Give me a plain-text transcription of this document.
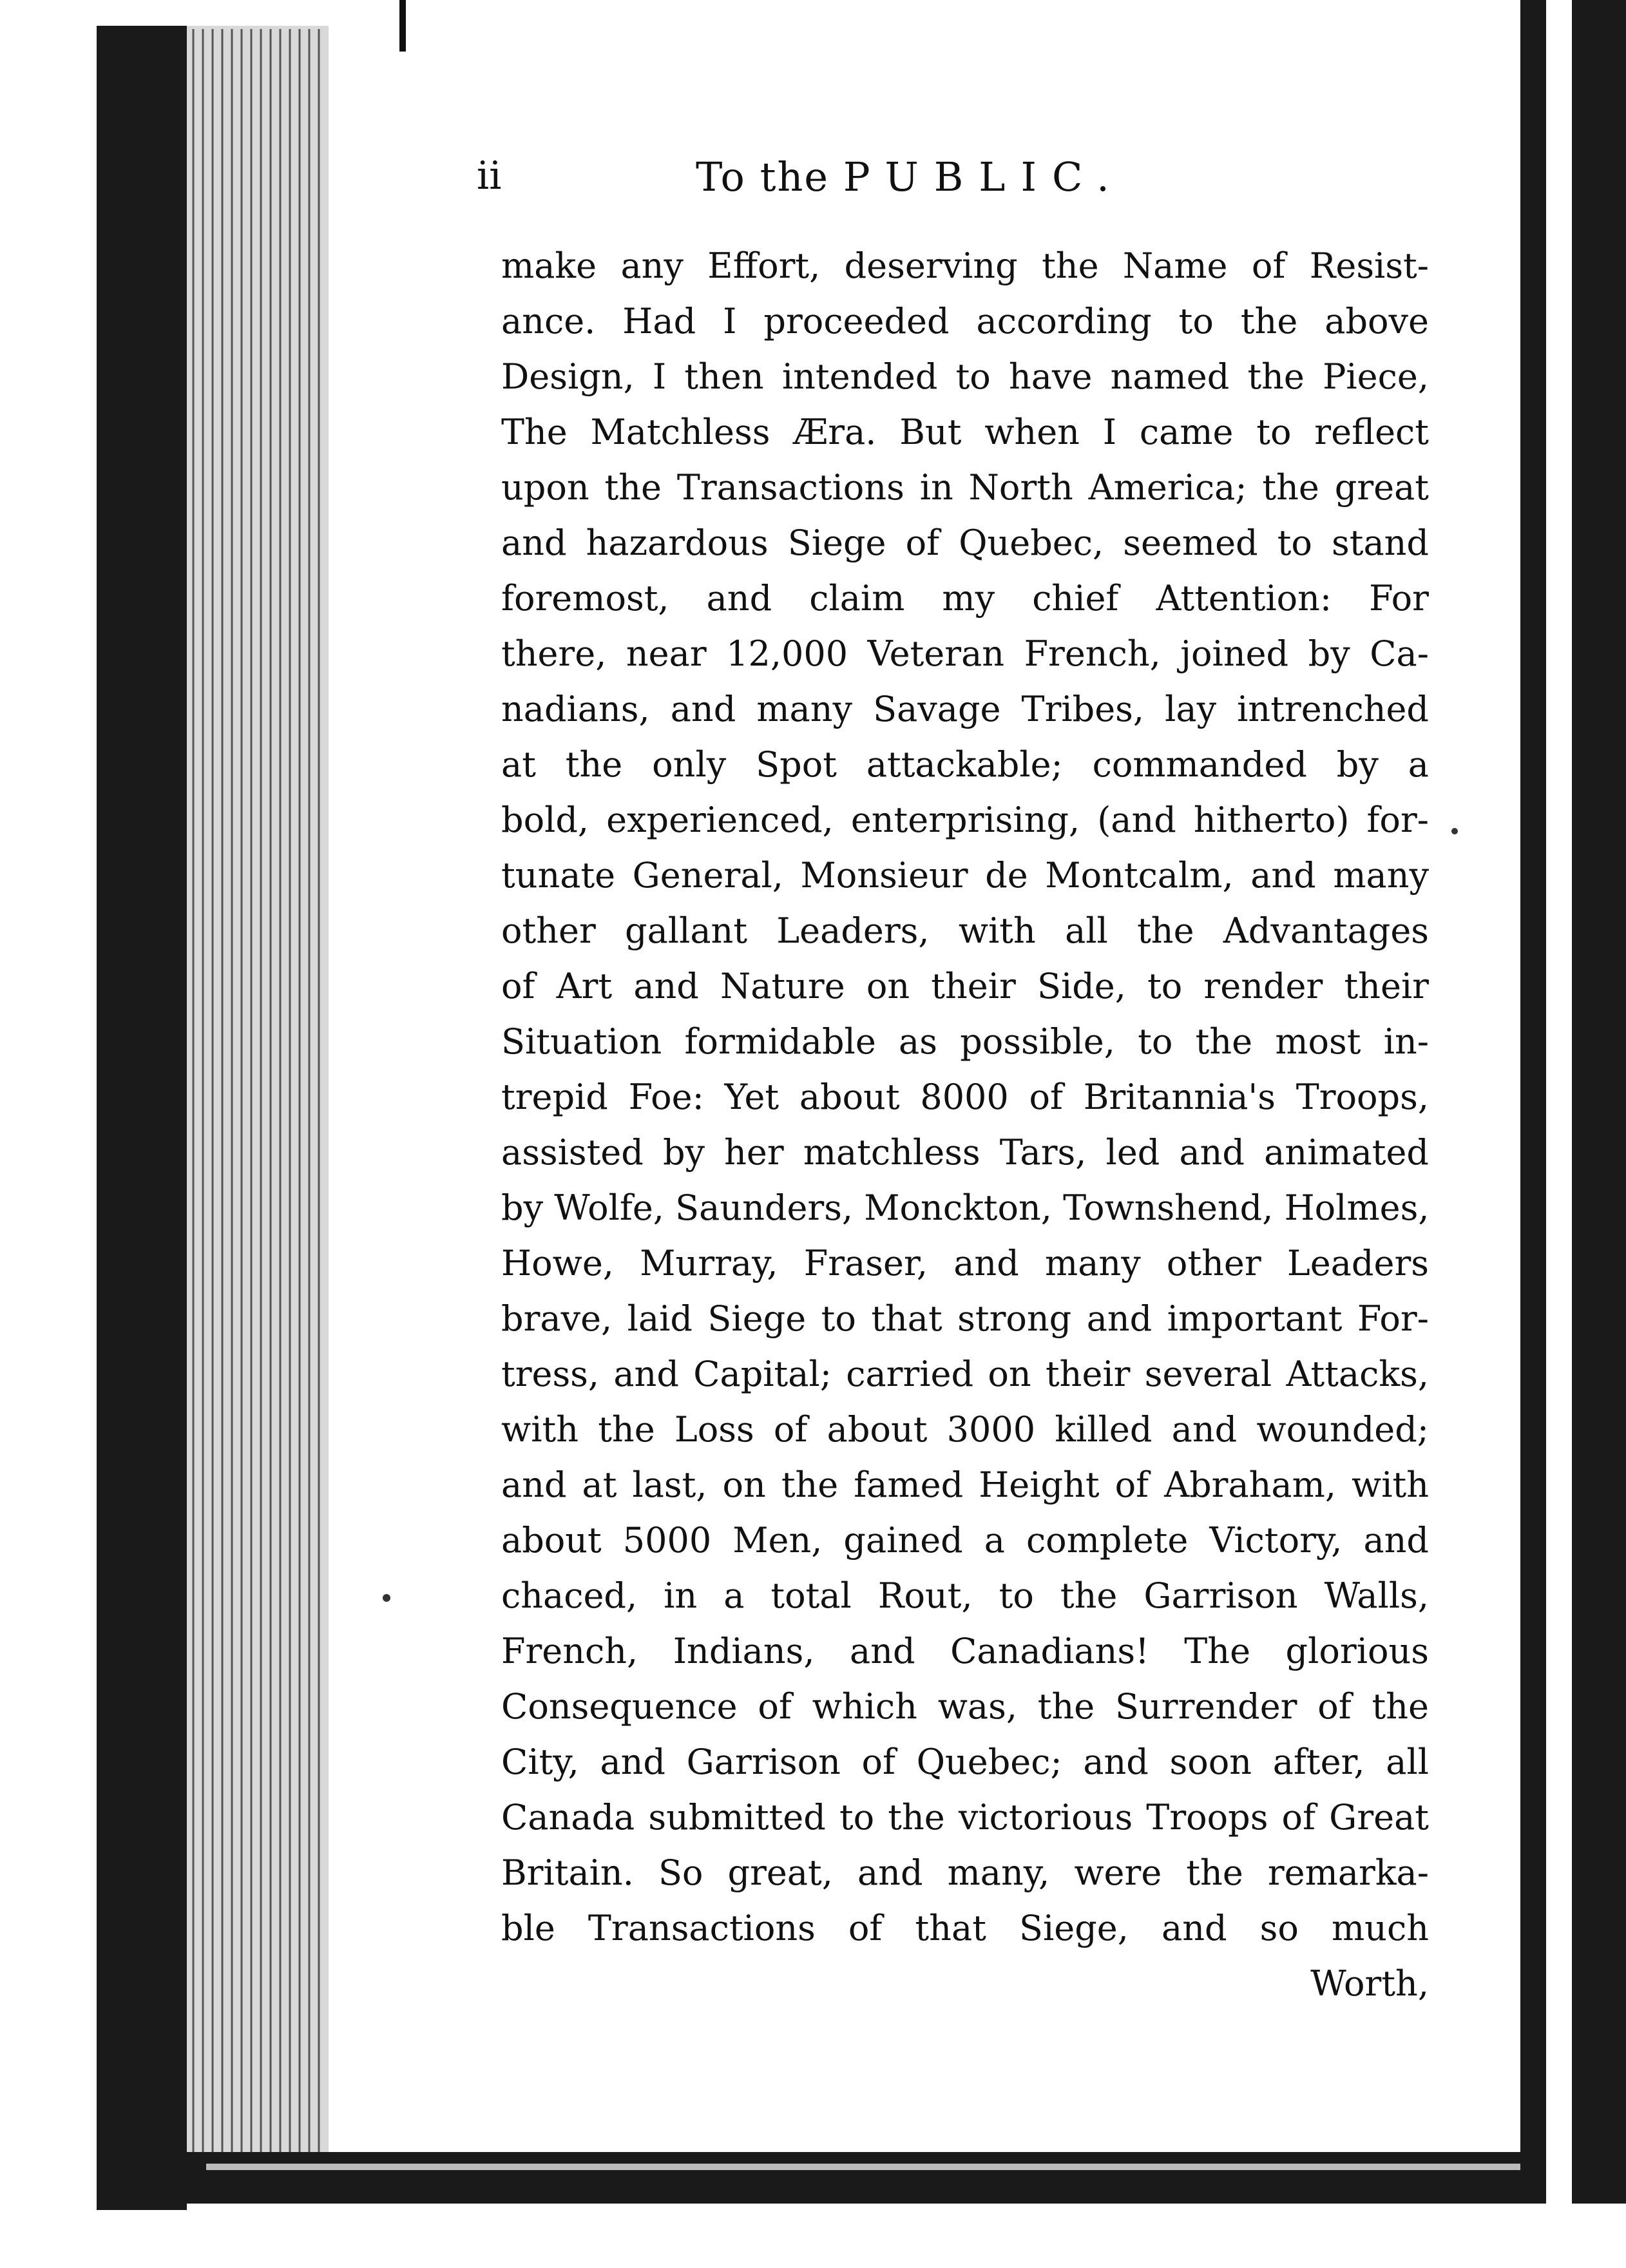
ii	To the PUBLIC.
make any Effort, deserving the Name of Resist-
ance. Had I proceeded according to the above
Design, I then intended to have named the Piece,
The Matchless Æra. But when I came to reflect
upon the Transactions in North America; the great
and hazardous Siege of Quebec, seemed to stand
foremost, and claim my chief Attention: For
there, near 12,000 Veteran French, joined by Ca-
nadians, and many Savage Tribes, lay intrenched
at the only Spot attackable; commanded by a
bold, experienced, enterprising, (and hitherto) for-
tunate General, Monsieur de Montcalm, and many
other gallant Leaders, with all the Advantages
of Art and Nature on their Side, to render their
Situation formidable as possible, to the most in-
trepid Foe: Yet about 8000 of Britannia's Troops,
assisted by her matchless Tars, led and animated
by Wolfe, Saunders, Monckton, Townshend, Holmes,
Howe, Murray, Fraser, and many other Leaders
brave, laid Siege to that strong and important For-
tress, and Capital; carried on their several Attacks,
with the Loss of about 3000 killed and wounded;
and at last, on the famed Height of Abraham, with
about 5000 Men, gained a complete Victory, and
chaced, in a total Rout, to the Garrison Walls,
French, Indians, and Canadians! The glorious
Consequence of which was, the Surrender of the
City, and Garrison of Quebec; and soon after, all
Canada submitted to the victorious Troops of Great
Britain. So great, and many, were the remarka-
ble Transactions of that Siege, and so much
Worth,
